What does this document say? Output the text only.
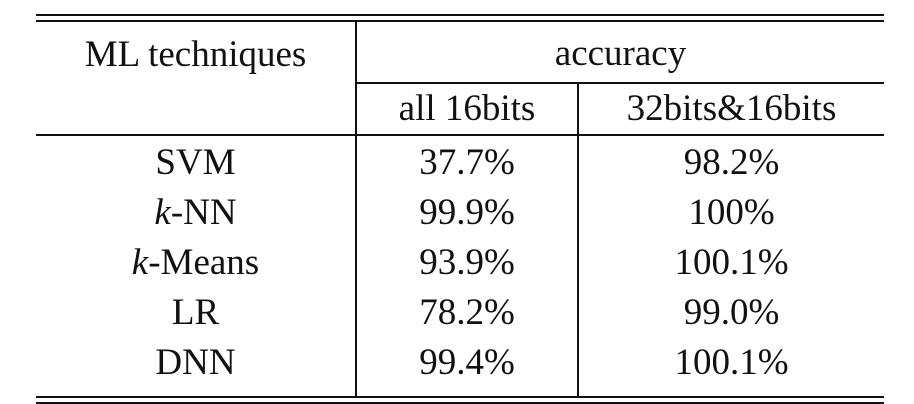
ML techniques	accuracy	
	all 16bits	32bits&16bits
SVM	37.7%	98.2%
k-NN	99.9%	100%
k-Means	93.9%	100.1%
LR	78.2%	99.0%
DNN	99.4%	100.1%
